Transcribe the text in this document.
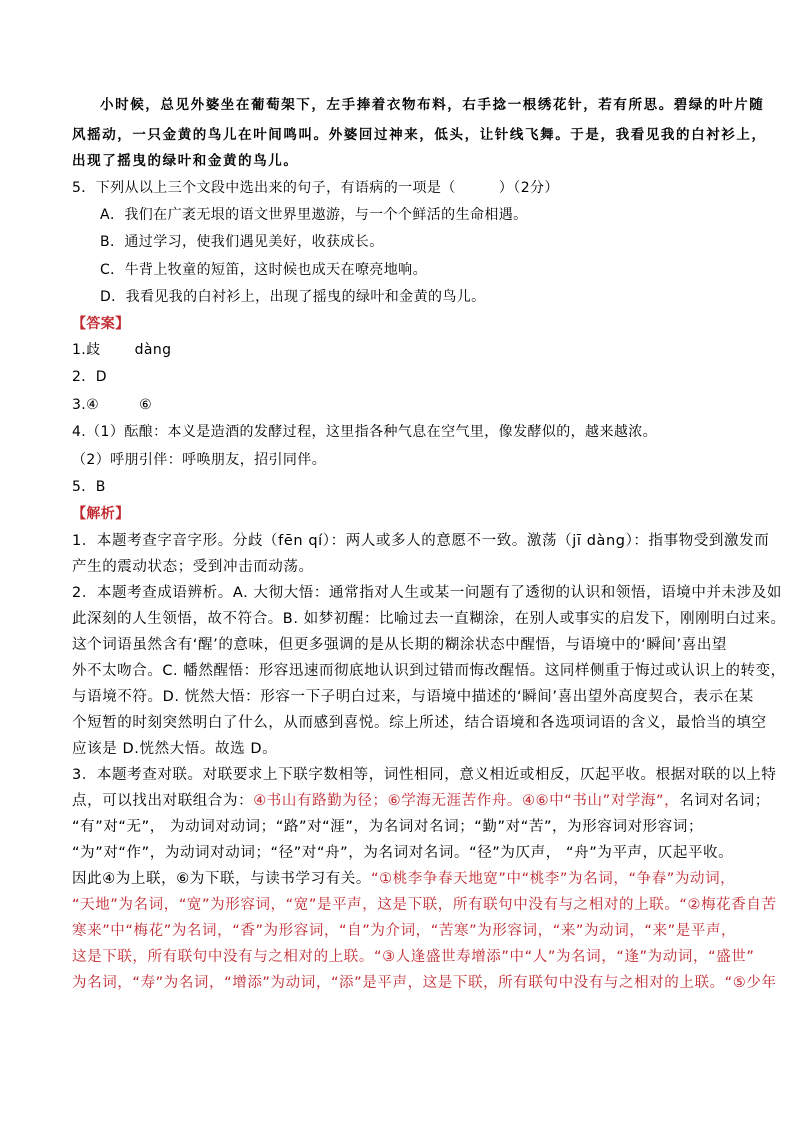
小时候，总见外婆坐在葡萄架下，左手捧着衣物布料，右手捻一根绣花针，若有所思。碧绿的叶片随
风摇动，一只金黄的鸟儿在叶间鸣叫。外婆回过神来，低头，让针线飞舞。于是，我看见我的白衬衫上，
出现了摇曳的绿叶和金黄的鸟儿。
5．下列从以上三个文段中选出来的句子，有语病的一项是（　　　）（2分）
A．我们在广袤无垠的语文世界里遨游，与一个个鲜活的生命相遇。
B．通过学习，使我们遇见美好，收获成长。
C．牛背上牧童的短笛，这时候也成天在嘹亮地响。
D．我看见我的白衬衫上，出现了摇曳的绿叶和金黄的鸟儿。
【答案】
1.歧 dàng
2．D
3.④	⑥
4.（1）酝酿：本义是造酒的发酵过程，这里指各种气息在空气里，像发酵似的，越来越浓。
（2）呼朋引伴：呼唤朋友，招引同伴。
5．B
【解析】
1．本题考查字音字形。分歧（fēn qí）：两人或多人的意愿不一致。激荡（jī dàng）：指事物受到激发而
产生的震动状态；受到冲击而动荡。
2．本题考查成语辨析。A. 大彻大悟：通常指对人生或某一问题有了透彻的认识和领悟，语境中并未涉及如
此深刻的人生领悟，故不符合。B. 如梦初醒：比喻过去一直糊涂，在别人或事实的启发下，刚刚明白过来。
这个词语虽然含有‘醒’的意味，但更多强调的是从长期的糊涂状态中醒悟，与语境中的‘瞬间’喜出望
外不太吻合。C. 幡然醒悟：形容迅速而彻底地认识到过错而悔改醒悟。这同样侧重于悔过或认识上的转变，
与语境不符。D. 恍然大悟：形容一下子明白过来，与语境中描述的‘瞬间’喜出望外高度契合，表示在某
个短暂的时刻突然明白了什么，从而感到喜悦。综上所述，结合语境和各选项词语的含义，最恰当的填空
应该是 D.恍然大悟。故选 D。
3．本题考查对联。对联要求上下联字数相等，词性相同，意义相近或相反，仄起平收。根据对联的以上特
点，可以找出对联组合为：④书山有路勤为径；⑥学海无涯苦作舟。④⑥中“书山”对学海”，名词对名词；
“有”对“无”， 为动词对动词；“路”对“涯”，为名词对名词；“勤”对“苦”，为形容词对形容词；
“为”对“作”，为动词对动词；“径”对“舟”，为名词对名词。“径”为仄声， “舟”为平声，仄起平收。
因此④为上联，⑥为下联，与读书学习有关。“①桃李争春天地宽”中“桃李”为名词，“争春”为动词，
“天地”为名词，“宽”为形容词，“宽”是平声，这是下联，所有联句中没有与之相对的上联。“②梅花香自苦
寒来”中“梅花”为名词，“香”为形容词，“自”为介词，“苦寒”为形容词，“来”为动词，“来”是平声，
这是下联，所有联句中没有与之相对的上联。“③人逢盛世寿增添”中“人”为名词，“逢”为动词，“盛世”
为名词，“寿”为名词，“增添”为动词，“添”是平声，这是下联，所有联句中没有与之相对的上联。“⑤少年
